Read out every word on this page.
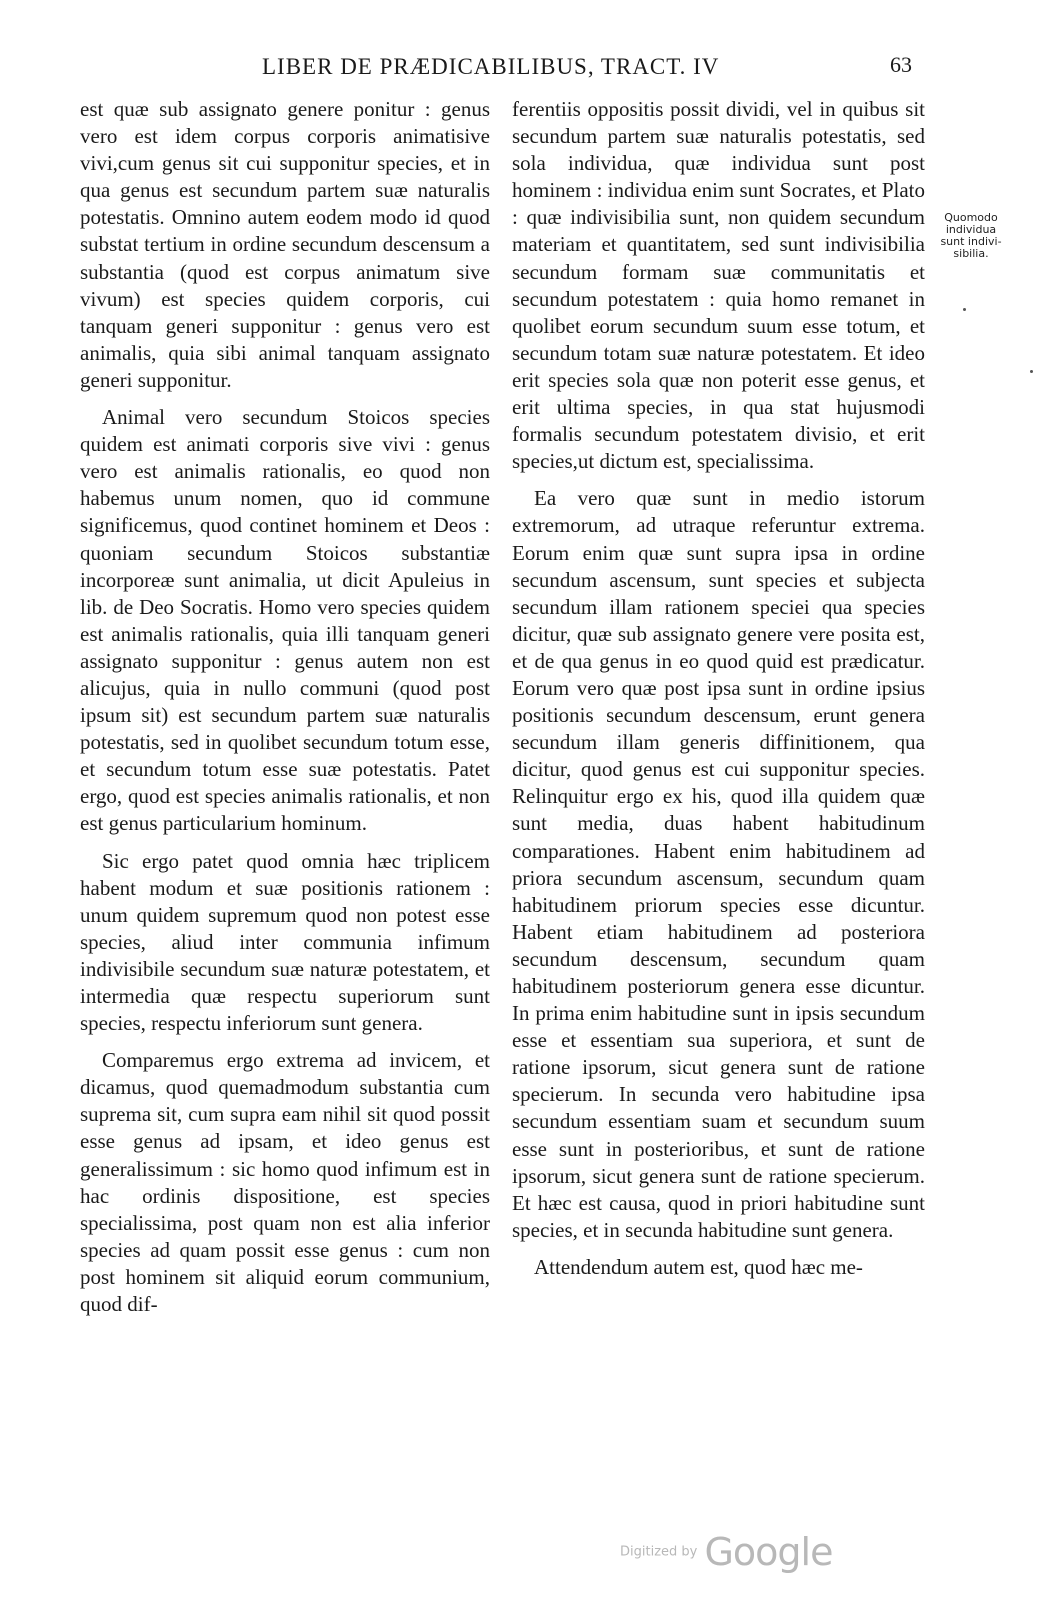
LIBER DE PRÆDICABILIBUS, TRACT. IV	63

est quæ sub assignato genere ponitur : genus vero est idem corpus corporis animatisive vivi,cum genus sit cui supponitur species, et in qua genus est secundum partem suæ naturalis potestatis. Omnino autem eodem modo id quod substat tertium in ordine secundum descensum a substantia (quod est corpus animatum sive vivum) est species quidem corporis, cui tanquam generi supponitur : genus vero est animalis, quia sibi animal tanquam assignato generi supponitur.

Animal vero secundum Stoicos species quidem est animati corporis sive vivi : genus vero est animalis rationalis, eo quod non habemus unum nomen, quo id commune significemus, quod continet hominem et Deos : quoniam secundum Stoicos substantiæ incorporeæ sunt animalia, ut dicit Apuleius in lib. de Deo Socratis. Homo vero species quidem est animalis rationalis, quia illi tanquam generi assignato supponitur : genus autem non est alicujus, quia in nullo communi (quod post ipsum sit) est secundum partem suæ naturalis potestatis, sed in quolibet secundum totum esse, et secundum totum esse suæ potestatis. Patet ergo, quod est species animalis rationalis, et non est genus particularium hominum.

Sic ergo patet quod omnia hæc triplicem habent modum et suæ positionis rationem : unum quidem supremum quod non potest esse species, aliud inter communia infimum indivisibile secundum suæ naturæ potestatem, et intermedia quæ respectu superiorum sunt species, respectu inferiorum sunt genera.

Comparemus ergo extrema ad invicem, et dicamus, quod quemadmodum substantia cum suprema sit, cum supra eam nihil sit quod possit esse genus ad ipsam, et ideo genus est generalissimum : sic homo quod infimum est in hac ordinis dispositione, est species specialissima, post quam non est alia inferior species ad quam possit esse genus : cum non post hominem sit aliquid eorum communium, quod dif-

ferentiis oppositis possit dividi, vel in quibus sit secundum partem suæ naturalis potestatis, sed sola individua, quæ individua sunt post hominem : individua enim sunt Socrates, et Plato : quæ indivisibilia sunt, non quidem secundum materiam et quantitatem, sed sunt indivisibilia secundum formam suæ communitatis et secundum potestatem : quia homo remanet in quolibet eorum secundum suum esse totum, et secundum totam suæ naturæ potestatem. Et ideo erit species sola quæ non poterit esse genus, et erit ultima species, in qua stat hujusmodi formalis secundum potestatem divisio, et erit species,ut dictum est, specialissima.

Ea vero quæ sunt in medio istorum extremorum, ad utraque referuntur extrema. Eorum enim quæ sunt supra ipsa in ordine secundum ascensum, sunt species et subjecta secundum illam rationem speciei qua species dicitur, quæ sub assignato genere vere posita est, et de qua genus in eo quod quid est prædicatur. Eorum vero quæ post ipsa sunt in ordine ipsius positionis secundum descensum, erunt genera secundum illam generis diffinitionem, qua dicitur, quod genus est cui supponitur species. Relinquitur ergo ex his, quod illa quidem quæ sunt media, duas habent habitudinum comparationes. Habent enim habitudinem ad priora secundum ascensum, secundum quam habitudinem priorum species esse dicuntur. Habent etiam habitudinem ad posteriora secundum descensum, secundum quam habitudinem posteriorum genera esse dicuntur. In prima enim habitudine sunt in ipsis secundum esse et essentiam sua superiora, et sunt de ratione ipsorum, sicut genera sunt de ratione specierum. In secunda vero habitudine ipsa secundum essentiam suam et secundum suum esse sunt in posterioribus, et sunt de ratione ipsorum, sicut genera sunt de ratione specierum. Et hæc est causa, quod in priori habitudine sunt species, et in secunda habitudine sunt genera.

Attendendum autem est, quod hæc me-

Quomodo
individua
sunt indivi-
sibilia.
Digitized by Google
